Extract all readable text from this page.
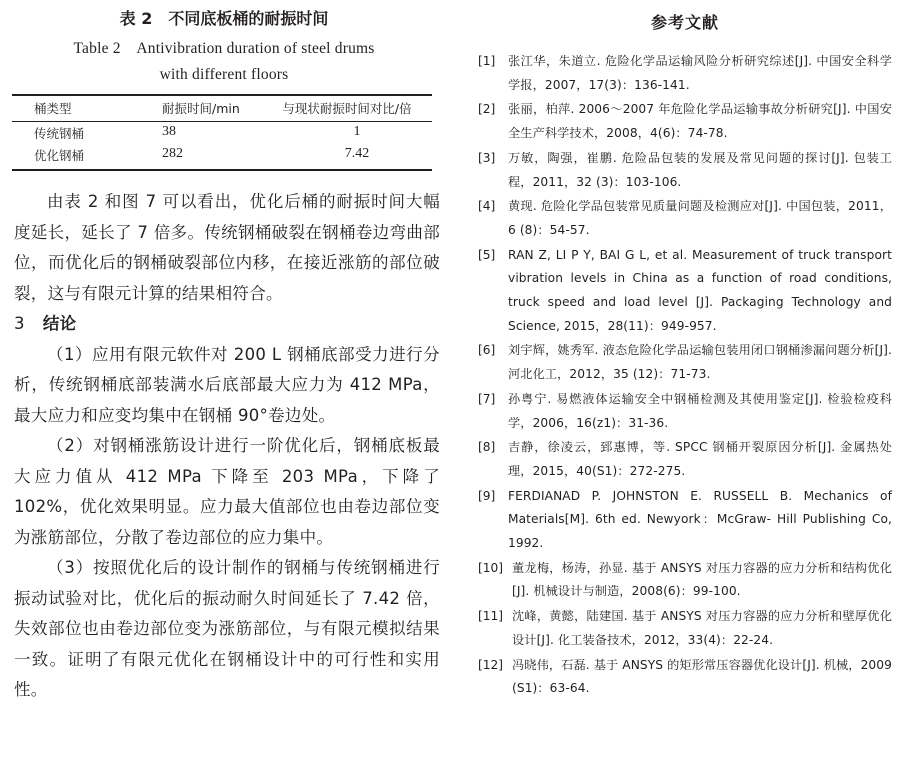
表 2　不同底板桶的耐振时间
Table 2　Antivibration duration of steel drums
with different floors
桶类型	耐振时间/min	与现状耐振时间对比/倍
传统钢桶	38	1
优化钢桶	282	7.42

由表 2 和图 7 可以看出，优化后桶的耐振时间大幅度延长，延长了 7 倍多。传统钢桶破裂在钢桶卷边弯曲部位，而优化后的钢桶破裂部位内移，在接近涨筋的部位破裂，这与有限元计算的结果相符合。

3 结论

（1）应用有限元软件对 200 L 钢桶底部受力进行分析，传统钢桶底部装满水后底部最大应力为 412 MPa，最大应力和应变均集中在钢桶 90°卷边处。

（2）对钢桶涨筋设计进行一阶优化后，钢桶底板最大应力值从 412 MPa 下降至 203 MPa，下降了 102%，优化效果明显。应力最大值部位也由卷边部位变为涨筋部位，分散了卷边部位的应力集中。

（3）按照优化后的设计制作的钢桶与传统钢桶进行振动试验对比，优化后的振动耐久时间延长了 7.42 倍，失效部位也由卷边部位变为涨筋部位，与有限元模拟结果一致。证明了有限元优化在钢桶设计中的可行性和实用性。

参考文献

[1] 张江华，朱道立. 危险化学品运输风险分析研究综述[J]. 中国安全科学学报，2007，17(3)：136-141.

[2] 张丽，柏萍. 2006～2007 年危险化学品运输事故分析研究[J]. 中国安全生产科学技术，2008，4(6)：74-78.

[3] 万敏，陶强，崔鹏. 危险品包装的发展及常见问题的探讨[J]. 包装工程，2011，32 (3)：103-106.

[4] 黄现. 危险化学品包装常见质量问题及检测应对[J]. 中国包装，2011，6 (8)：54-57.

[5] RAN Z, LI P Y, BAI G L, et al. Measurement of truck transport vibration levels in China as a function of road conditions, truck speed and load level [J]. Packaging Technology and Science, 2015，28(11)：949-957.

[6] 刘宇辉，姚秀军. 液态危险化学品运输包装用闭口钢桶渗漏问题分析[J]. 河北化工，2012，35 (12)：71-73.

[7] 孙粤宁. 易燃液体运输安全中钢桶检测及其使用鉴定[J]. 检验检疫科学，2006，16(z1)：31-36.

[8] 吉静，徐凌云，郅惠博，等. SPCC 钢桶开裂原因分析[J]. 金属热处理，2015，40(S1)：272-275.

[9] FERDIANAD P. JOHNSTON E. RUSSELL B. Mechanics of Materials[M]. 6th ed. Newyork：McGraw- Hill Publishing Co, 1992.

[10] 董龙梅，杨涛，孙显. 基于 ANSYS 对压力容器的应力分析和结构优化[J]. 机械设计与制造，2008(6)：99-100.

[11] 沈峰，黄懿，陆建国. 基于 ANSYS 对压力容器的应力分析和壁厚优化设计[J]. 化工装备技术，2012，33(4)：22-24.

[12] 冯晓伟，石磊. 基于 ANSYS 的矩形常压容器优化设计[J]. 机械，2009 (S1)：63-64.
